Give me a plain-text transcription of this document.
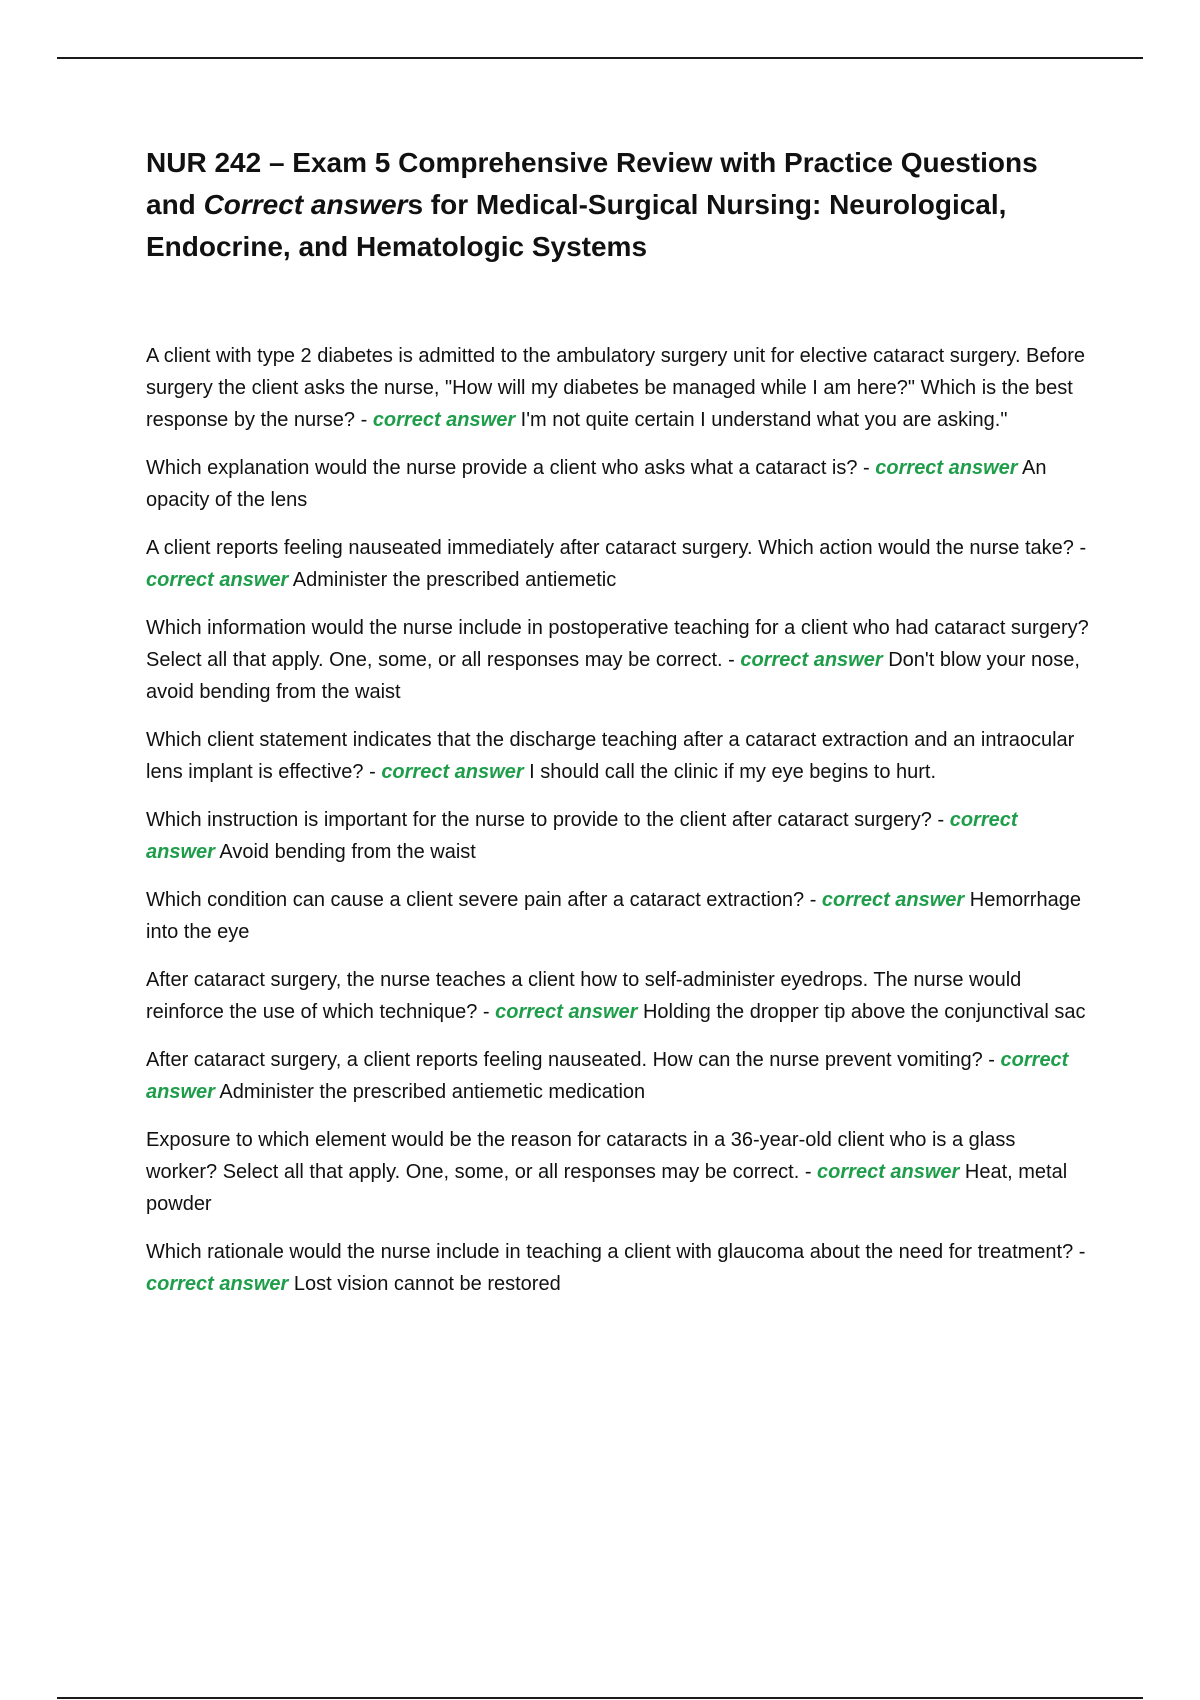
NUR 242 – Exam 5 Comprehensive Review with Practice Questions and Correct answers for Medical-Surgical Nursing: Neurological, Endocrine, and Hematologic Systems

A client with type 2 diabetes is admitted to the ambulatory surgery unit for elective cataract surgery. Before surgery the client asks the nurse, "How will my diabetes be managed while I am here?" Which is the best response by the nurse? - correct answer I'm not quite certain I understand what you are asking."

Which explanation would the nurse provide a client who asks what a cataract is? - correct answer An opacity of the lens

A client reports feeling nauseated immediately after cataract surgery. Which action would the nurse take? - correct answer Administer the prescribed antiemetic

Which information would the nurse include in postoperative teaching for a client who had cataract surgery? Select all that apply. One, some, or all responses may be correct. - correct answer Don't blow your nose, avoid bending from the waist

Which client statement indicates that the discharge teaching after a cataract extraction and an intraocular lens implant is effective? - correct answer I should call the clinic if my eye begins to hurt.

Which instruction is important for the nurse to provide to the client after cataract surgery? - correct answer Avoid bending from the waist

Which condition can cause a client severe pain after a cataract extraction? - correct answer Hemorrhage into the eye

After cataract surgery, the nurse teaches a client how to self-administer eyedrops. The nurse would reinforce the use of which technique? - correct answer Holding the dropper tip above the conjunctival sac

After cataract surgery, a client reports feeling nauseated. How can the nurse prevent vomiting? - correct answer Administer the prescribed antiemetic medication

Exposure to which element would be the reason for cataracts in a 36-year-old client who is a glass worker? Select all that apply. One, some, or all responses may be correct. - correct answer Heat, metal powder

Which rationale would the nurse include in teaching a client with glaucoma about the need for treatment? - correct answer Lost vision cannot be restored
